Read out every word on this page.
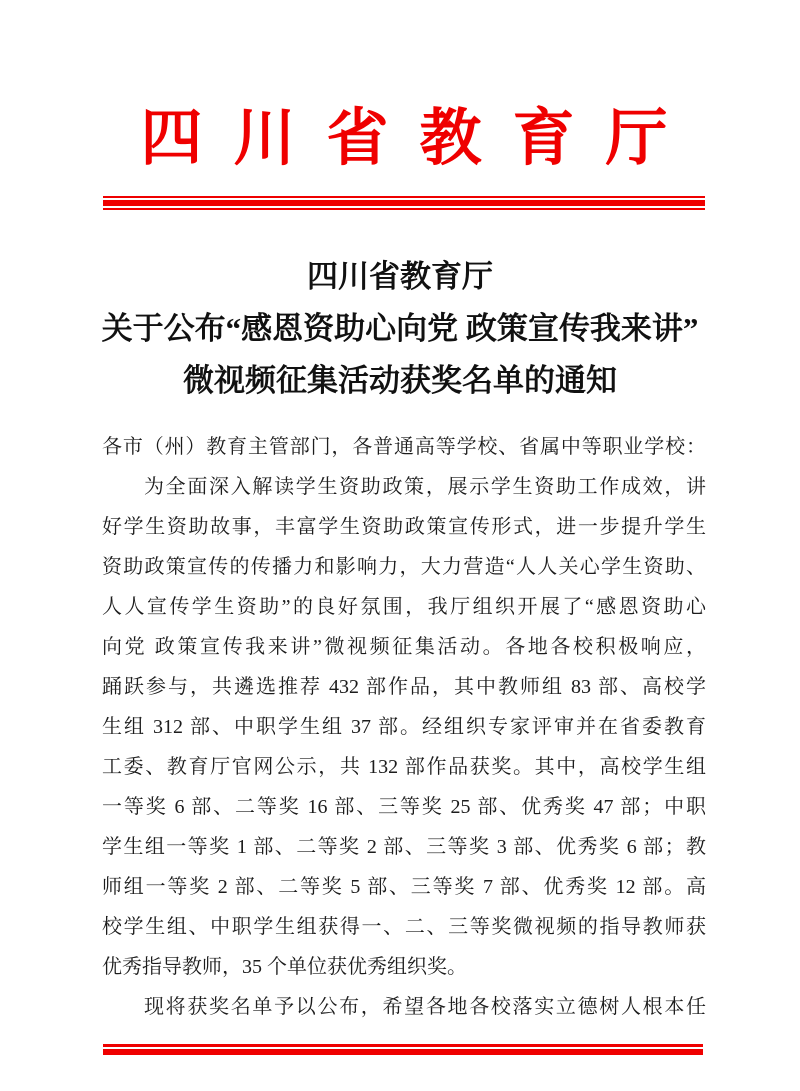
四川省教育厅
四川省教育厅
关于公布“感恩资助心向党 政策宣传我来讲”
微视频征集活动获奖名单的通知
各市（州）教育主管部门，各普通高等学校、省属中等职业学校：
为全面深入解读学生资助政策，展示学生资助工作成效，讲
好学生资助故事，丰富学生资助政策宣传形式，进一步提升学生
资助政策宣传的传播力和影响力，大力营造“人人关心学生资助、
人人宣传学生资助”的良好氛围，我厅组织开展了“感恩资助心
向党 政策宣传我来讲”微视频征集活动。各地各校积极响应，
踊跃参与，共遴选推荐 432 部作品，其中教师组 83 部、高校学
生组 312 部、中职学生组 37 部。经组织专家评审并在省委教育
工委、教育厅官网公示，共 132 部作品获奖。其中，高校学生组
一等奖 6 部、二等奖 16 部、三等奖 25 部、优秀奖 47 部；中职
学生组一等奖 1 部、二等奖 2 部、三等奖 3 部、优秀奖 6 部；教
师组一等奖 2 部、二等奖 5 部、三等奖 7 部、优秀奖 12 部。高
校学生组、中职学生组获得一、二、三等奖微视频的指导教师获
优秀指导教师，35 个单位获优秀组织奖。
现将获奖名单予以公布，希望各地各校落实立德树人根本任
